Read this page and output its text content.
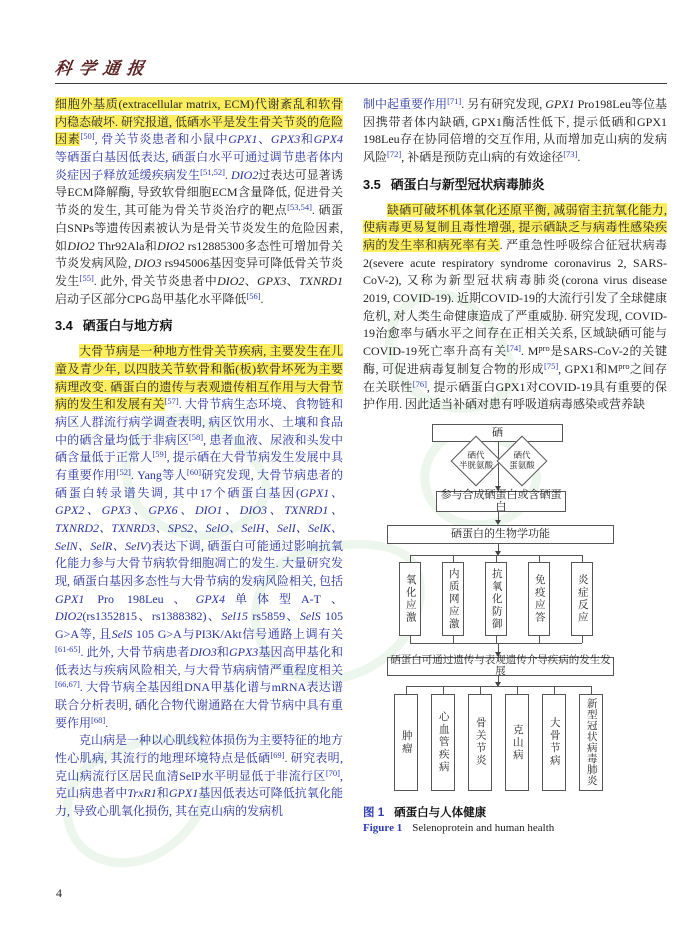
科学通报

细胞外基质(extracellular matrix, ECM)代谢紊乱和软骨内稳态破坏. 研究报道, 低硒水平是发生骨关节炎的危险因素[50], 骨关节炎患者和小鼠中GPX1、GPX3和GPX4等硒蛋白基因低表达, 硒蛋白水平可通过调节患者体内炎症因子释放延缓疾病发生[51,52]. DIO2过表达可显著诱导ECM降解酶, 导致软骨细胞ECM含量降低, 促进骨关节炎的发生, 其可能为骨关节炎治疗的靶点[53,54]. 硒蛋白SNPs等遗传因素被认为是骨关节炎发生的危险因素, 如DIO2 Thr92Ala和DIO2 rs12885300多态性可增加骨关节炎发病风险, DIO3 rs945006基因变异可降低骨关节炎发生[55]. 此外, 骨关节炎患者中DIO2、GPX3、TXNRD1启动子区部分CPG岛甲基化水平降低[56].

3.4 硒蛋白与地方病

大骨节病是一种地方性骨关节疾病, 主要发生在儿童及青少年, 以四肢关节软骨和骺(板)软骨坏死为主要病理改变. 硒蛋白的遗传与表观遗传相互作用与大骨节病的发生和发展有关[57]. 大骨节病生态环境、食物链和病区人群流行病学调查表明, 病区饮用水、土壤和食品中的硒含量均低于非病区[58], 患者血液、尿液和头发中硒含量低于正常人[59], 提示硒在大骨节病发生发展中具有重要作用[52]. Yang等人[60]研究发现, 大骨节病患者的硒蛋白转录谱失调, 其中17个硒蛋白基因(GPX1、GPX2、GPX3、GPX6、DIO1、DIO3、TXNRD1、TXNRD2、TXNRD3、SPS2、SelO、SelH、SelI、SelK、SelN、SelR、SelV)表达下调, 硒蛋白可能通过影响抗氧化能力参与大骨节病软骨细胞凋亡的发生. 大量研究发现, 硒蛋白基因多态性与大骨节病的发病风险相关, 包括GPX1 Pro 198Leu、GPX4单体型A-T、DIO2(rs1352815、rs1388382)、Sel15 rs5859、SelS 105 G>A等, 且SelS 105 G>A与PI3K/Akt信号通路上调有关[61-65]. 此外, 大骨节病患者DIO3和GPX3基因高甲基化和低表达与疾病风险相关, 与大骨节病病情严重程度相关[66,67]. 大骨节病全基因组DNA甲基化谱与mRNA表达谱联合分析表明, 硒化合物代谢通路在大骨节病中具有重要作用[68].

克山病是一种以心肌线粒体损伤为主要特征的地方性心肌病, 其流行的地理环境特点是低硒[69]. 研究表明, 克山病流行区居民血清SelP水平明显低于非流行区[70], 克山病患者中TrxR1和GPX1基因低表达可降低抗氧化能力, 导致心肌氧化损伤, 其在克山病的发病机

制中起重要作用[71]. 另有研究发现, GPX1 Pro198Leu等位基因携带者体内缺硒, GPX1酶活性低下, 提示低硒和GPX1 198Leu存在协同倍增的交互作用, 从而增加克山病的发病风险[72], 补硒是预防克山病的有效途径[73].

3.5 硒蛋白与新型冠状病毒肺炎

缺硒可破坏机体氧化还原平衡, 减弱宿主抗氧化能力, 使病毒更易复制且毒性增强, 提示硒缺乏与病毒性感染疾病的发生率和病死率有关. 严重急性呼吸综合征冠状病毒2(severe acute respiratory syndrome coronavirus 2, SARS-CoV-2), 又称为新型冠状病毒肺炎(corona virus disease 2019, COVID-19). 近期COVID-19的大流行引发了全球健康危机, 对人类生命健康造成了严重威胁. 研究发现, COVID-19治愈率与硒水平之间存在正相关关系, 区域缺硒可能与COVID-19死亡率升高有关[74]. $M^{pro}$是SARS-CoV-2的关键酶, 可促进病毒复制复合物的形成[75], GPX1和$M^{pro}$之间存在关联性[76], 提示硒蛋白GPX1对COVID-19具有重要的保护作用. 因此适当补硒对患有呼吸道病毒感染或营养缺

硒
硒代
半胱氨酸
硒代
蛋氨酸
参与合成硒蛋白或含硒蛋白
硒蛋白的生物学功能
氧化应激	内质网应激	抗氧化防御	免疫应答	炎症反应
硒蛋白可通过遗传与表观遗传介导疾病的发生发展
肿瘤	心血管疾病	骨关节炎	克山病	大骨节病	新型冠状病毒肺炎
图 1 硒蛋白与人体健康
Figure 1 Selenoprotein and human health
4
